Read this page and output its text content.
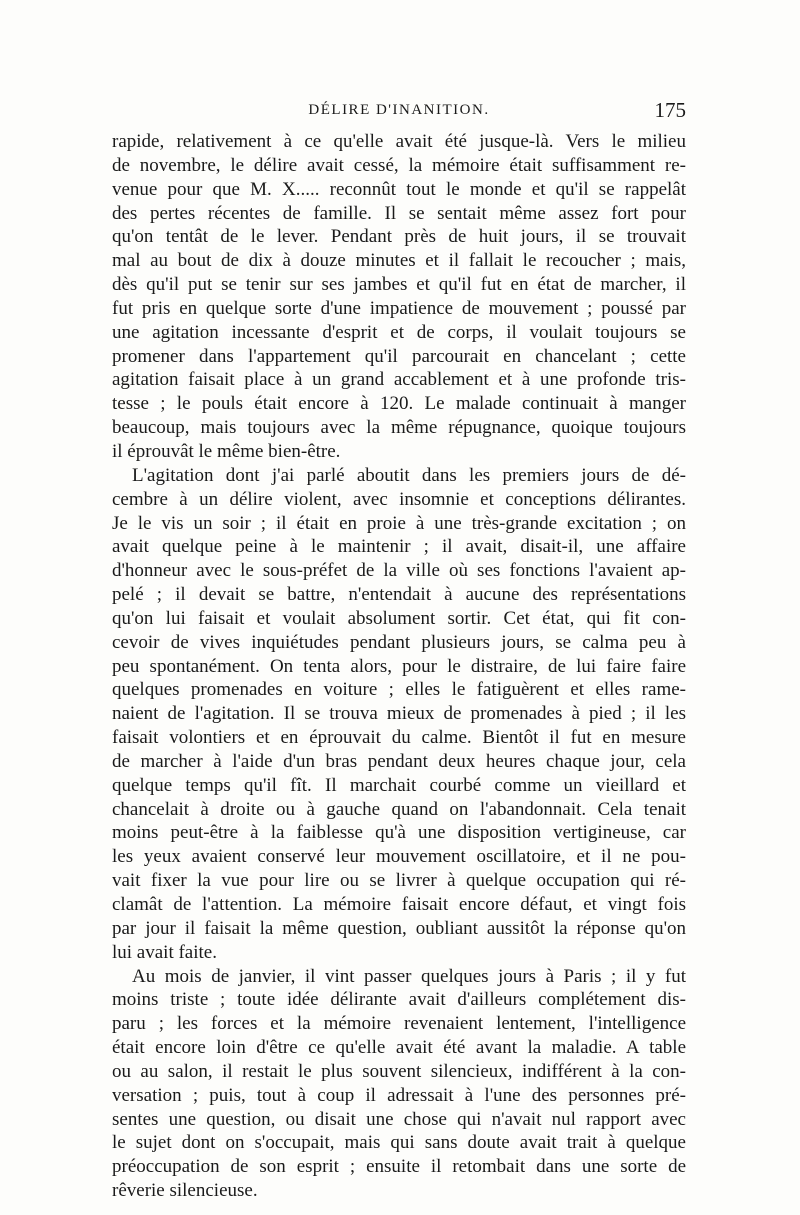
DÉLIRE D'INANITION.	175
rapide, relativement à ce qu'elle avait été jusque-là. Vers le milieu
de novembre, le délire avait cessé, la mémoire était suffisamment re-
venue pour que M. X..... reconnût tout le monde et qu'il se rappelât
des pertes récentes de famille. Il se sentait même assez fort pour
qu'on tentât de le lever. Pendant près de huit jours, il se trouvait
mal au bout de dix à douze minutes et il fallait le recoucher ; mais,
dès qu'il put se tenir sur ses jambes et qu'il fut en état de marcher, il
fut pris en quelque sorte d'une impatience de mouvement ; poussé par
une agitation incessante d'esprit et de corps, il voulait toujours se
promener dans l'appartement qu'il parcourait en chancelant ; cette
agitation faisait place à un grand accablement et à une profonde tris-
tesse ; le pouls était encore à 120. Le malade continuait à manger
beaucoup, mais toujours avec la même répugnance, quoique toujours
il éprouvât le même bien-être.
L'agitation dont j'ai parlé aboutit dans les premiers jours de dé-
cembre à un délire violent, avec insomnie et conceptions délirantes.
Je le vis un soir ; il était en proie à une très-grande excitation ; on
avait quelque peine à le maintenir ; il avait, disait-il, une affaire
d'honneur avec le sous-préfet de la ville où ses fonctions l'avaient ap-
pelé ; il devait se battre, n'entendait à aucune des représentations
qu'on lui faisait et voulait absolument sortir. Cet état, qui fit con-
cevoir de vives inquiétudes pendant plusieurs jours, se calma peu à
peu spontanément. On tenta alors, pour le distraire, de lui faire faire
quelques promenades en voiture ; elles le fatiguèrent et elles rame-
naient de l'agitation. Il se trouva mieux de promenades à pied ; il les
faisait volontiers et en éprouvait du calme. Bientôt il fut en mesure
de marcher à l'aide d'un bras pendant deux heures chaque jour, cela
quelque temps qu'il fît. Il marchait courbé comme un vieillard et
chancelait à droite ou à gauche quand on l'abandonnait. Cela tenait
moins peut-être à la faiblesse qu'à une disposition vertigineuse, car
les yeux avaient conservé leur mouvement oscillatoire, et il ne pou-
vait fixer la vue pour lire ou se livrer à quelque occupation qui ré-
clamât de l'attention. La mémoire faisait encore défaut, et vingt fois
par jour il faisait la même question, oubliant aussitôt la réponse qu'on
lui avait faite.
Au mois de janvier, il vint passer quelques jours à Paris ; il y fut
moins triste ; toute idée délirante avait d'ailleurs complétement dis-
paru ; les forces et la mémoire revenaient lentement, l'intelligence
était encore loin d'être ce qu'elle avait été avant la maladie. A table
ou au salon, il restait le plus souvent silencieux, indifférent à la con-
versation ; puis, tout à coup il adressait à l'une des personnes pré-
sentes une question, ou disait une chose qui n'avait nul rapport avec
le sujet dont on s'occupait, mais qui sans doute avait trait à quelque
préoccupation de son esprit ; ensuite il retombait dans une sorte de
rêverie silencieuse.
